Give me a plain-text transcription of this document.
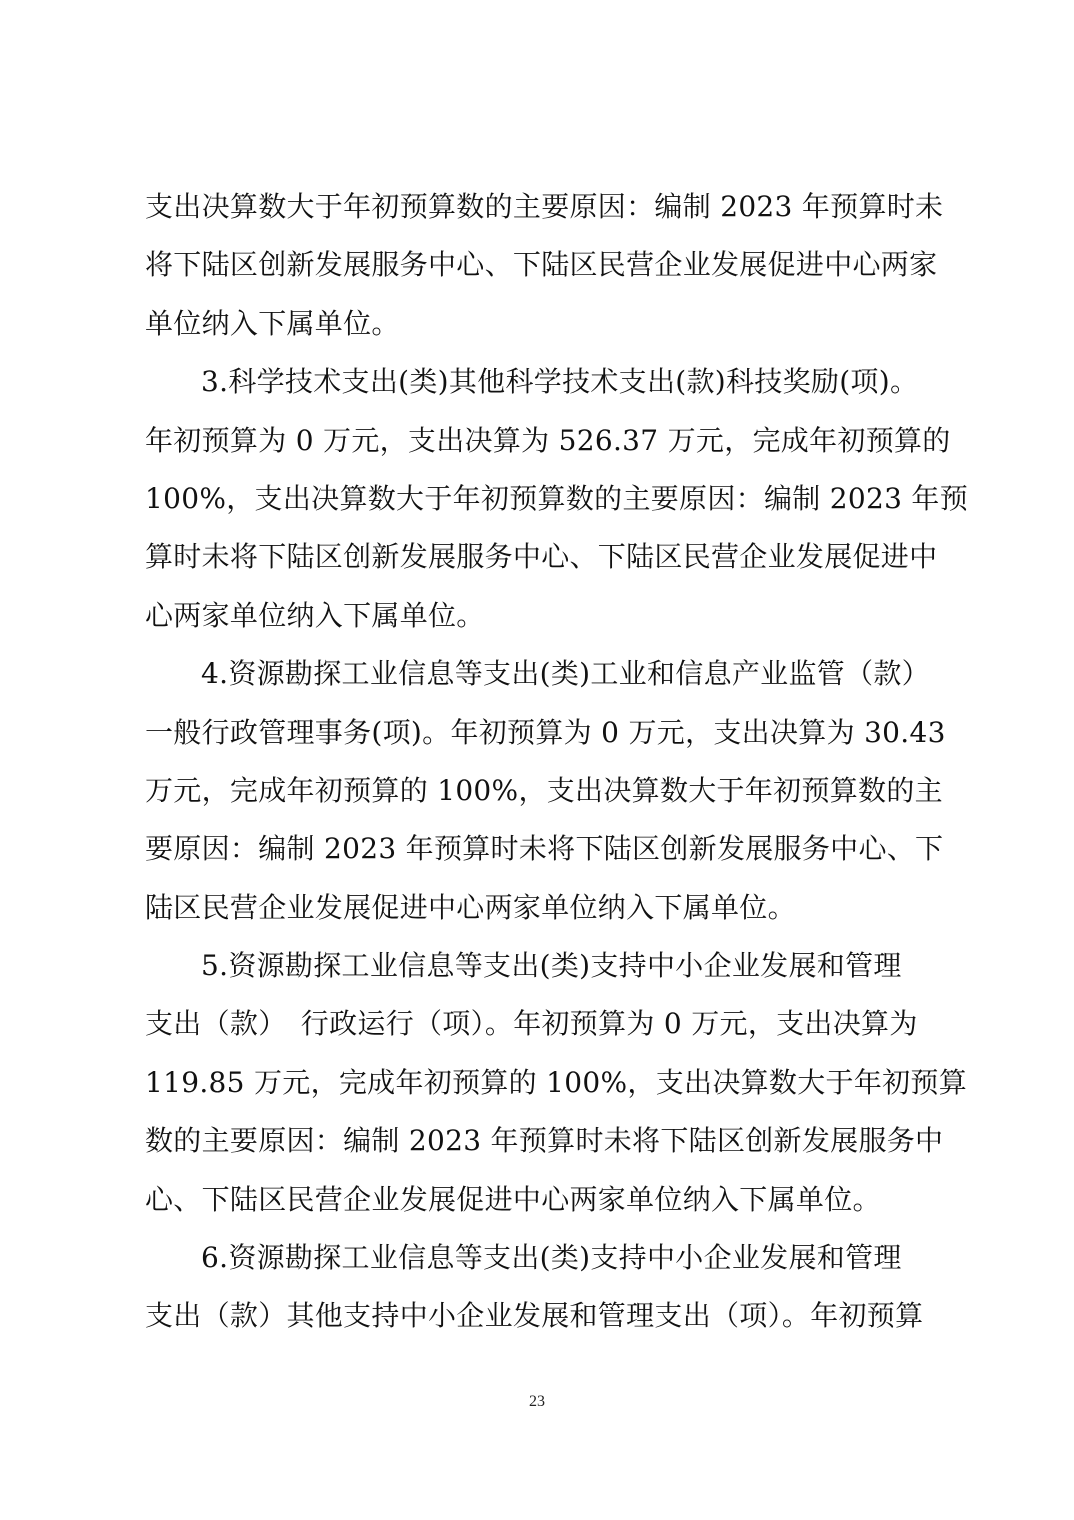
支出决算数大于年初预算数的主要原因：编制 2023 年预算时未
将下陆区创新发展服务中心、下陆区民营企业发展促进中心两家
单位纳入下属单位。

3.科学技术支出(类)其他科学技术支出(款)科技奖励(项)。
年初预算为 0 万元，支出决算为 526.37 万元，完成年初预算的
100%，支出决算数大于年初预算数的主要原因：编制 2023 年预
算时未将下陆区创新发展服务中心、下陆区民营企业发展促进中
心两家单位纳入下属单位。

4.资源勘探工业信息等支出(类)工业和信息产业监管（款）
一般行政管理事务(项)。年初预算为 0 万元，支出决算为 30.43
万元，完成年初预算的 100%，支出决算数大于年初预算数的主
要原因：编制 2023 年预算时未将下陆区创新发展服务中心、下
陆区民营企业发展促进中心两家单位纳入下属单位。

5.资源勘探工业信息等支出(类)支持中小企业发展和管理
支出（款）　行政运行（项）。年初预算为 0 万元，支出决算为
119.85 万元，完成年初预算的 100%，支出决算数大于年初预算
数的主要原因：编制 2023 年预算时未将下陆区创新发展服务中
心、下陆区民营企业发展促进中心两家单位纳入下属单位。

6.资源勘探工业信息等支出(类)支持中小企业发展和管理
支出（款）其他支持中小企业发展和管理支出（项）。年初预算

23
